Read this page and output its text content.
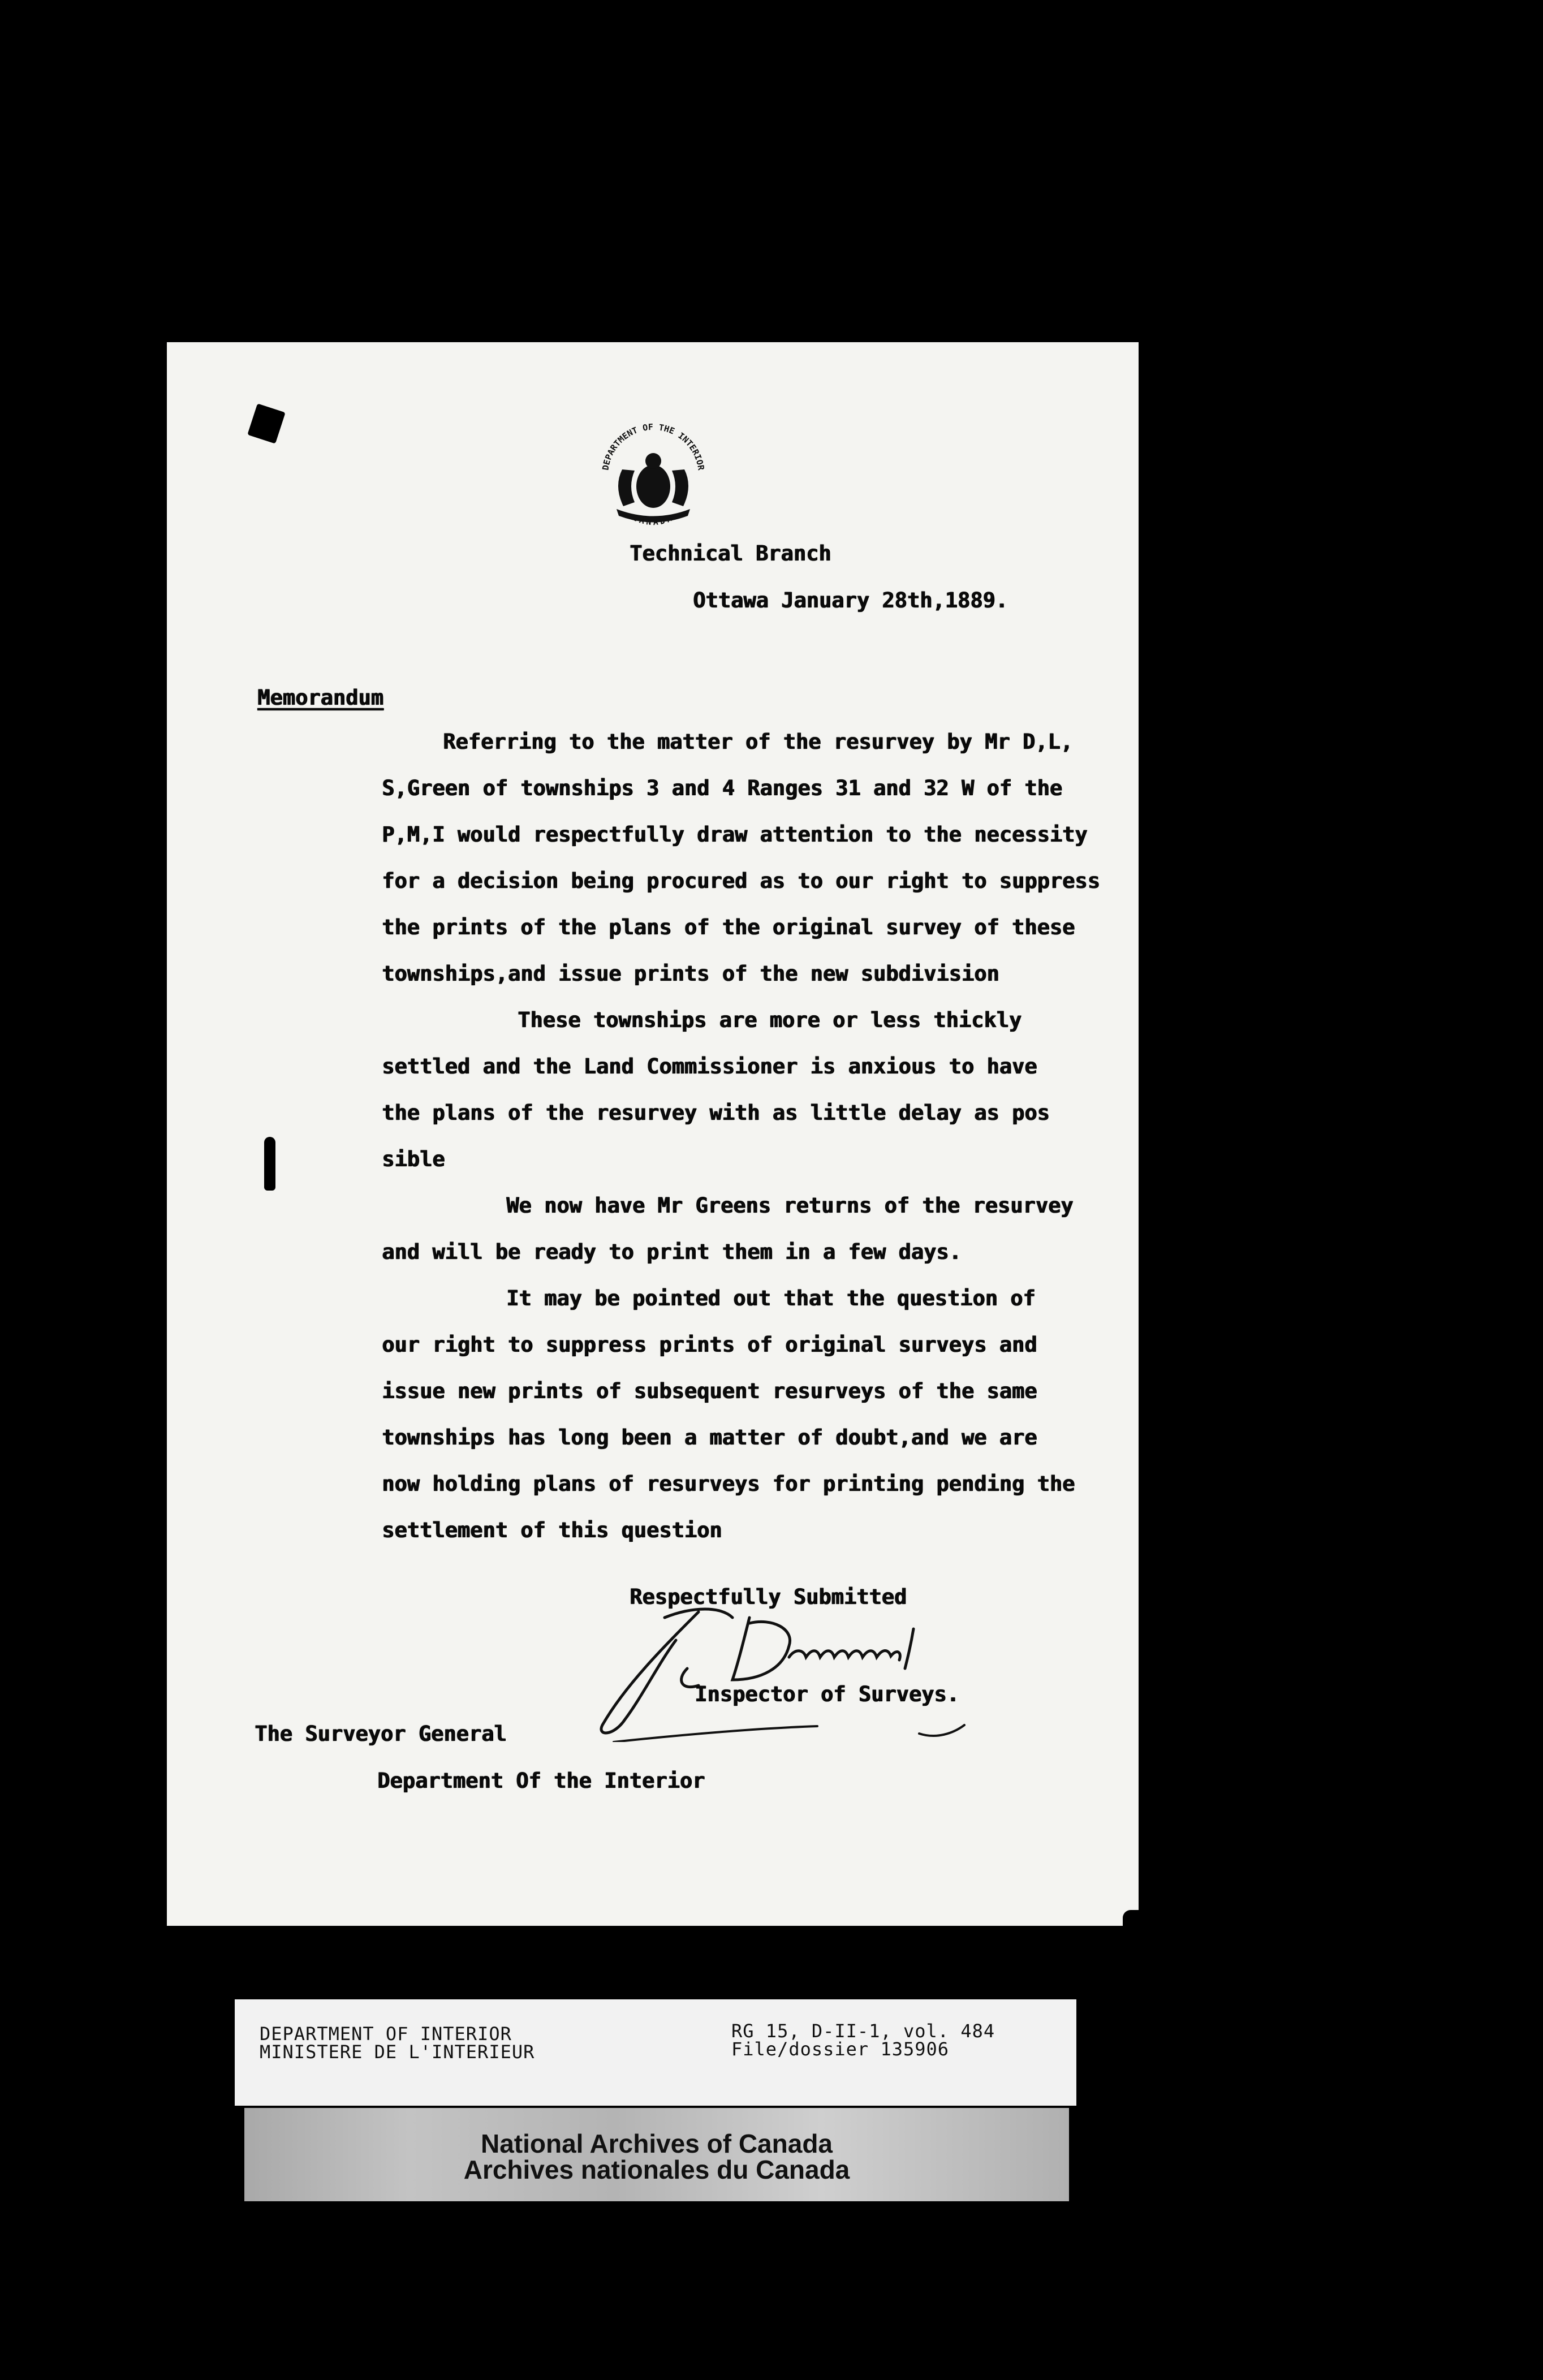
DEPARTMENT OF THE INTERIOR
CANADA
Technical Branch
Ottawa January 28th,1889.
Memorandum
Referring to the matter of the resurvey by Mr D,L,
S,Green of townships 3 and 4 Ranges 31 and 32 W of the
P,M,I would respectfully draw attention to the necessity
for a decision being procured as to our right to suppress
the prints of the plans of the original survey of these
townships,and issue prints of the new subdivision
These townships are more or less thickly
settled and the Land Commissioner is anxious to have
the plans of the resurvey with as little delay as pos
sible
We now have Mr Greens returns of the resurvey
and will be ready to print them in a few days.
It may be pointed out that the question of
our right to suppress prints of original surveys and
issue new prints of subsequent resurveys of the same
townships has long been a matter of doubt,and we are
now holding plans of resurveys for printing pending the
settlement of this question
Respectfully Submitted
Inspector of Surveys.
The Surveyor General
Department Of the Interior
DEPARTMENT OF INTERIOR
MINISTERE DE L'INTERIEUR
RG 15, D-II-1, vol. 484
File/dossier 135906
National Archives of Canada
Archives nationales du Canada
